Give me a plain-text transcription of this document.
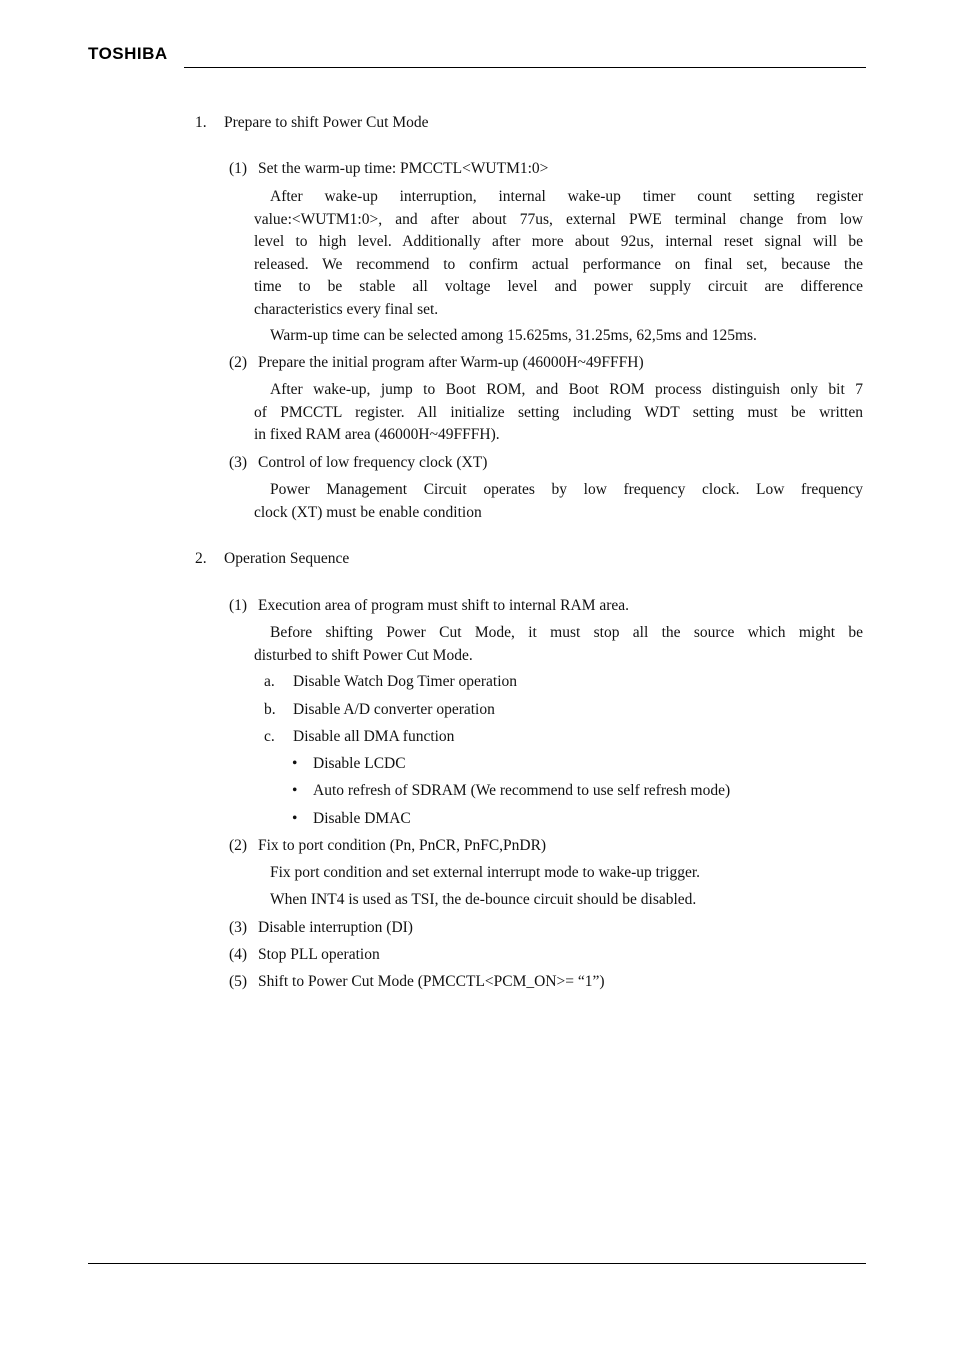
TOSHIBA
1. Prepare to shift Power Cut Mode
(1) Set the warm-up time: PMCCTL<WUTM1:0>
After wake-up interruption, internal wake-up timer count setting register
value:<WUTM1:0>, and after about 77us, external PWE terminal change from low
level to high level. Additionally after more about 92us, internal reset signal will be
released. We recommend to confirm actual performance on final set, because the
time to be stable all voltage level and power supply circuit are difference
characteristics every final set.
Warm-up time can be selected among 15.625ms, 31.25ms, 62,5ms and 125ms.
(2) Prepare the initial program after Warm-up (46000H~49FFFH)
After wake-up, jump to Boot ROM, and Boot ROM process distinguish only bit 7
of PMCCTL register. All initialize setting including WDT setting must be written
in fixed RAM area (46000H~49FFFH).
(3) Control of low frequency clock (XT)
Power Management Circuit operates by low frequency clock. Low frequency
clock (XT) must be enable condition
2. Operation Sequence
(1) Execution area of program must shift to internal RAM area.
Before shifting Power Cut Mode, it must stop all the source which might be
disturbed to shift Power Cut Mode.
a. Disable Watch Dog Timer operation
b. Disable A/D converter operation
c. Disable all DMA function
• Disable LCDC
• Auto refresh of SDRAM (We recommend to use self refresh mode)
• Disable DMAC
(2) Fix to port condition (Pn, PnCR, PnFC,PnDR)
Fix port condition and set external interrupt mode to wake-up trigger.
When INT4 is used as TSI, the de-bounce circuit should be disabled.
(3) Disable interruption (DI)
(4) Stop PLL operation
(5) Shift to Power Cut Mode (PMCCTL<PCM_ON>= “1”)
